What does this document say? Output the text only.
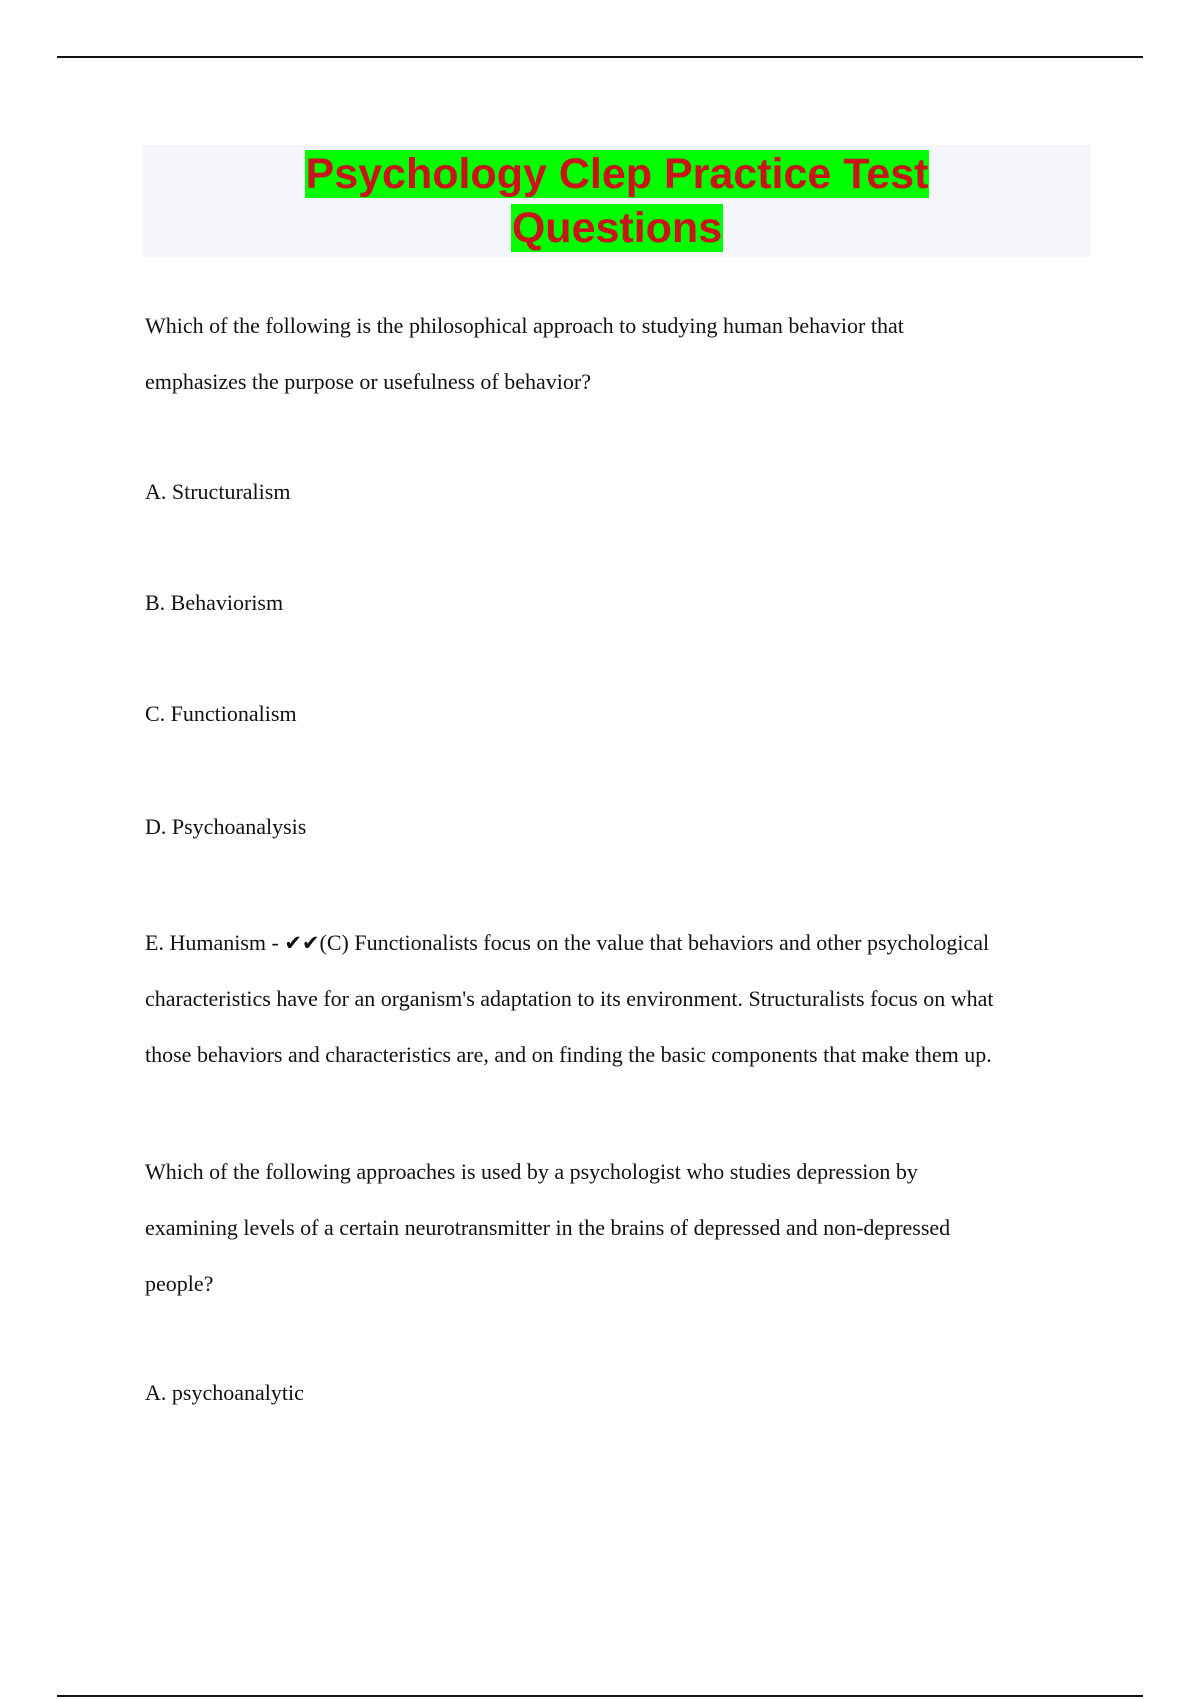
Psychology Clep Practice Test
Questions
Which of the following is the philosophical approach to studying human behavior that
emphasizes the purpose or usefulness of behavior?
A. Structuralism
B. Behaviorism
C. Functionalism
D. Psychoanalysis
E. Humanism - ✔✔(C) Functionalists focus on the value that behaviors and other psychological
characteristics have for an organism's adaptation to its environment. Structuralists focus on what
those behaviors and characteristics are, and on finding the basic components that make them up.
Which of the following approaches is used by a psychologist who studies depression by
examining levels of a certain neurotransmitter in the brains of depressed and non-depressed
people?
A. psychoanalytic
